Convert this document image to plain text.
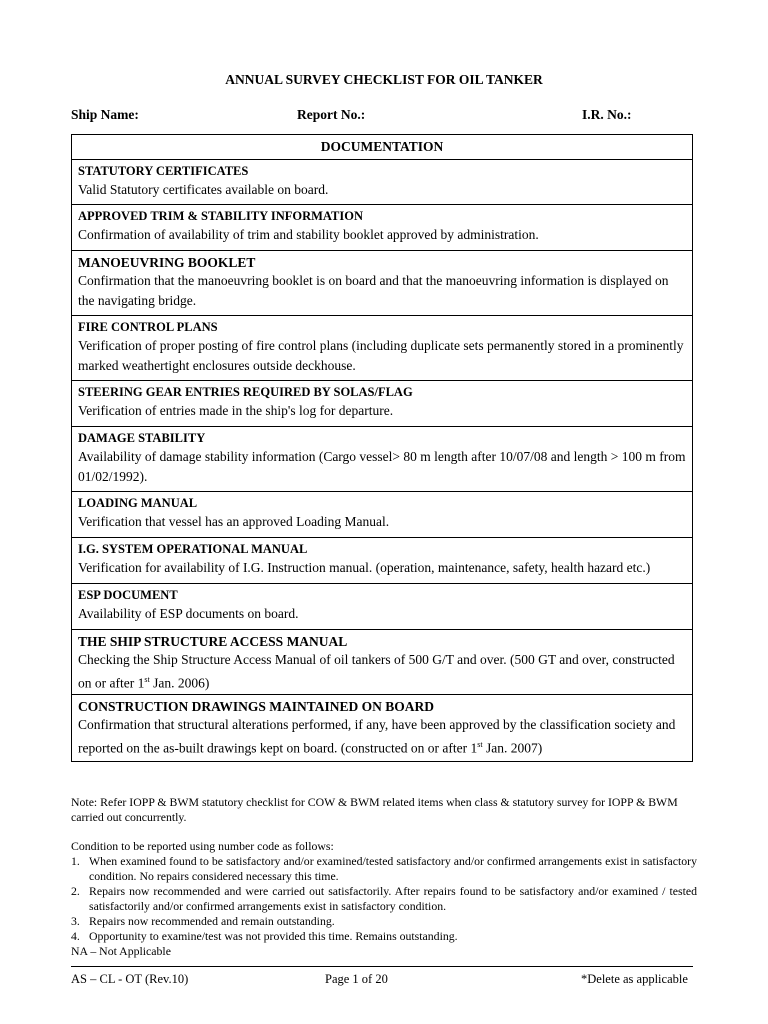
ANNUAL SURVEY CHECKLIST FOR OIL TANKER
Ship Name:	Report No.:	I.R. No.:
DOCUMENTATION
STATUTORY CERTIFICATES
Valid Statutory certificates available on board.
APPROVED TRIM & STABILITY INFORMATION
Confirmation of availability of trim and stability booklet approved by administration.
MANOEUVRING BOOKLET
Confirmation that the manoeuvring booklet is on board and that the manoeuvring information is displayed on the navigating bridge.
FIRE CONTROL PLANS
Verification of proper posting of fire control plans (including duplicate sets permanently stored in a prominently marked weathertight enclosures outside deckhouse.
STEERING GEAR ENTRIES REQUIRED BY SOLAS/FLAG
Verification of entries made in the ship's log for departure.
DAMAGE STABILITY
Availability of damage stability information (Cargo vessel> 80 m length after 10/07/08 and length > 100 m from 01/02/1992).
LOADING MANUAL
Verification that vessel has an approved Loading Manual.
I.G. SYSTEM OPERATIONAL MANUAL
Verification for availability of I.G. Instruction manual. (operation, maintenance, safety, health hazard etc.)
ESP DOCUMENT
Availability of ESP documents on board.
THE SHIP STRUCTURE ACCESS MANUAL
Checking the Ship Structure Access Manual of oil tankers of 500 G/T and over. (500 GT and over, constructed on or after 1st Jan. 2006)
CONSTRUCTION DRAWINGS MAINTAINED ON BOARD
Confirmation that structural alterations performed, if any, have been approved by the classification society and reported on the as-built drawings kept on board. (constructed on or after 1st Jan. 2007)
Note: Refer IOPP & BWM statutory checklist for COW & BWM related items when class & statutory survey for IOPP & BWM carried out concurrently.
Condition to be reported using number code as follows:
1. When examined found to be satisfactory and/or examined/tested satisfactory and/or confirmed arrangements exist in satisfactory condition. No repairs considered necessary this time.
2. Repairs now recommended and were carried out satisfactorily. After repairs found to be satisfactory and/or examined / tested satisfactorily and/or confirmed arrangements exist in satisfactory condition.
3. Repairs now recommended and remain outstanding.
4. Opportunity to examine/test was not provided this time. Remains outstanding.
NA – Not Applicable
AS – CL - OT (Rev.10)	Page 1 of 20	*Delete as applicable
